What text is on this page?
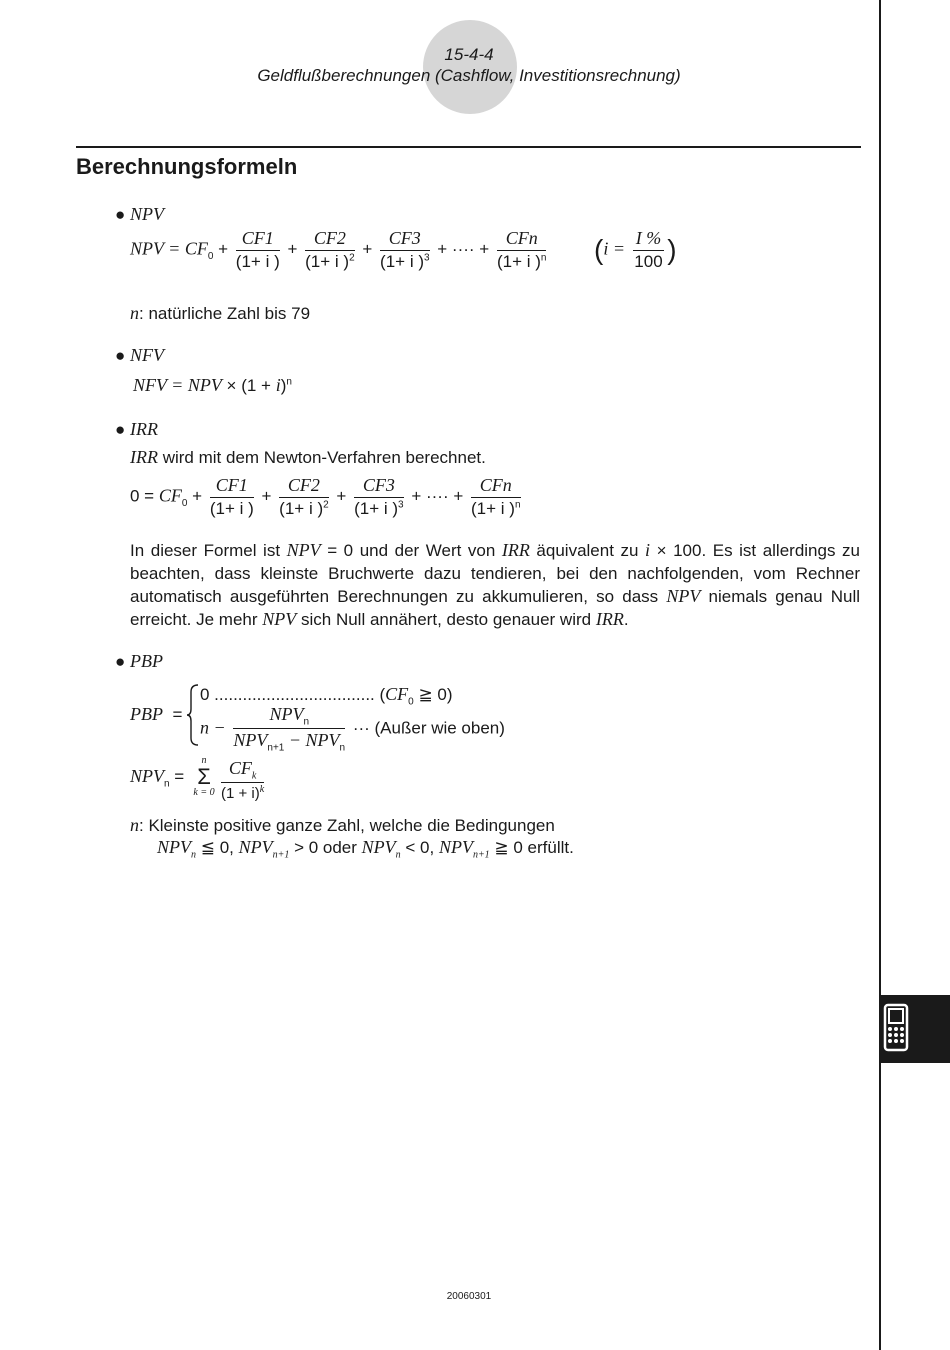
15-4-4
Geldflußberechnungen (Cashflow, Investitionsrechnung)
Berechnungsformeln
● NPV
NPV = $CF_0 + \frac{CF1}{(1+ i )} + \frac{CF2}{(1+ i )^2} + \frac{CF3}{(1+ i )^3}$ + ···· + $\frac{\text{CFn}}{(1+ i )^n} (i = \frac{I \%}{100}$ )
n: natürliche Zahl bis 79
● NFV
NFV = NPV × $(1 + i)^n$
● IRR
IRR wird mit dem Newton-Verfahren berechnet.
$0 = CF_0 + \frac{CF1}{(1+ i )} + \frac{CF2}{(1+ i )^2} + \frac{CF3}{(1+ i )^3}$ + ···· + $\frac{\text{CFn}}{(1+ i )^n}$
In dieser Formel ist NPV = 0 und der Wert von IRR äquivalent zu i × 100. Es ist allerdings zu beachten, dass kleinste Bruchwerte dazu tendieren, bei den nachfolgenden, vom Rechner automatisch ausgeführten Berechnungen zu akkumulieren, so dass NPV niemals genau Null erreicht. Je mehr NPV sich Null annähert, desto genauer wird IRR.
● PBP
PBP =
0 .................................. ($CF_0$ ≧ 0)
$n - \frac{NPV_n}{NPV_{n+1} - NPV_n}$ ··· (Außer wie oben)
$NPV_n$ =
n
Σ
$k = 0 \frac{CF_k}{(1 + i)^k}$
n: Kleinste positive ganze Zahl, welche die Bedingungen
$NPV_n$ ≦ 0, $NPV_{n+1} > 0$ oder $NPV_n < 0$, $NPV_{n+1}$ ≧ 0 erfüllt.
20060301
